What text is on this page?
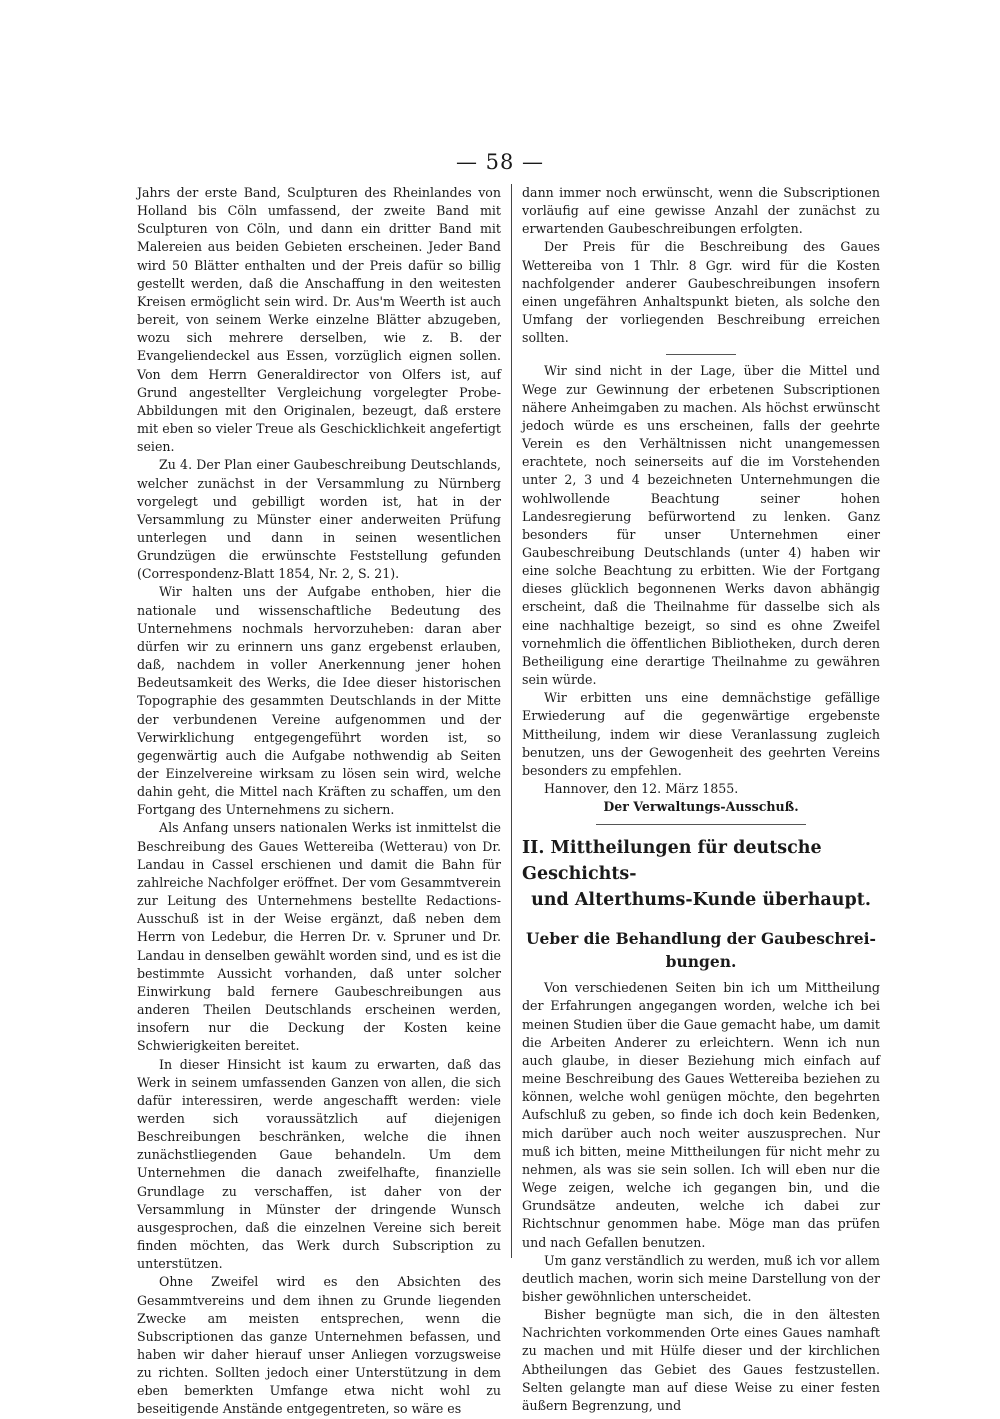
— 58 —

Jahrs der erste Band, Sculpturen des Rheinlandes von Holland bis Cöln umfassend, der zweite Band mit Sculpturen von Cöln, und dann ein dritter Band mit Malereien aus beiden Gebieten erscheinen. Jeder Band wird 50 Blätter enthalten und der Preis dafür so billig gestellt werden, daß die Anschaffung in den weitesten Kreisen ermöglicht sein wird. Dr. Aus'm Weerth ist auch bereit, von seinem Werke einzelne Blätter abzugeben, wozu sich mehrere derselben, wie z. B. der Evangeliendeckel aus Essen, vorzüglich eignen sollen. Von dem Herrn Generaldirector von Olfers ist, auf Grund angestellter Vergleichung vorgelegter Probe-Abbildungen mit den Originalen, bezeugt, daß erstere mit eben so vieler Treue als Geschicklichkeit angefertigt seien.

Zu 4. Der Plan einer Gaubeschreibung Deutschlands, welcher zunächst in der Versammlung zu Nürnberg vorgelegt und gebilligt worden ist, hat in der Versammlung zu Münster einer anderweiten Prüfung unterlegen und dann in seinen wesentlichen Grundzügen die erwünschte Feststellung gefunden (Correspondenz-Blatt 1854, Nr. 2, S. 21).

Wir halten uns der Aufgabe enthoben, hier die nationale und wissenschaftliche Bedeutung des Unternehmens nochmals hervorzuheben: daran aber dürfen wir zu erinnern uns ganz ergebenst erlauben, daß, nachdem in voller Anerkennung jener hohen Bedeutsamkeit des Werks, die Idee dieser historischen Topographie des gesammten Deutschlands in der Mitte der verbundenen Vereine aufgenommen und der Verwirklichung entgegengeführt worden ist, so gegenwärtig auch die Aufgabe nothwendig ab Seiten der Einzelvereine wirksam zu lösen sein wird, welche dahin geht, die Mittel nach Kräften zu schaffen, um den Fortgang des Unternehmens zu sichern.

Als Anfang unsers nationalen Werks ist inmittelst die Beschreibung des Gaues Wettereiba (Wetterau) von Dr. Landau in Cassel erschienen und damit die Bahn für zahlreiche Nachfolger eröffnet. Der vom Gesammtverein zur Leitung des Unternehmens bestellte Redactions-Ausschuß ist in der Weise ergänzt, daß neben dem Herrn von Ledebur, die Herren Dr. v. Spruner und Dr. Landau in denselben gewählt worden sind, und es ist die bestimmte Aussicht vorhanden, daß unter solcher Einwirkung bald fernere Gaubeschreibungen aus anderen Theilen Deutschlands erscheinen werden, insofern nur die Deckung der Kosten keine Schwierigkeiten bereitet.

In dieser Hinsicht ist kaum zu erwarten, daß das Werk in seinem umfassenden Ganzen von allen, die sich dafür interessiren, werde angeschafft werden: viele werden sich voraussätzlich auf diejenigen Beschreibungen beschränken, welche die ihnen zunächstliegenden Gaue behandeln. Um dem Unternehmen die danach zweifelhafte, finanzielle Grundlage zu verschaffen, ist daher von der Versammlung in Münster der dringende Wunsch ausgesprochen, daß die einzelnen Vereine sich bereit finden möchten, das Werk durch Subscription zu unterstützen.

Ohne Zweifel wird es den Absichten des Gesammtvereins und dem ihnen zu Grunde liegenden Zwecke am meisten entsprechen, wenn die Subscriptionen das ganze Unternehmen befassen, und haben wir daher hierauf unser Anliegen vorzugsweise zu richten. Sollten jedoch einer Unterstützung in dem eben bemerkten Umfange etwa nicht wohl zu beseitigende Anstände entgegentreten, so wäre es

dann immer noch erwünscht, wenn die Subscriptionen vorläufig auf eine gewisse Anzahl der zunächst zu erwartenden Gaubeschreibungen erfolgten.

Der Preis für die Beschreibung des Gaues Wettereiba von 1 Thlr. 8 Ggr. wird für die Kosten nachfolgender anderer Gaubeschreibungen insofern einen ungefähren Anhaltspunkt bieten, als solche den Umfang der vorliegenden Beschreibung erreichen sollten.

Wir sind nicht in der Lage, über die Mittel und Wege zur Gewinnung der erbetenen Subscriptionen nähere Anheimgaben zu machen. Als höchst erwünscht jedoch würde es uns erscheinen, falls der geehrte Verein es den Verhältnissen nicht unangemessen erachtete, noch seinerseits auf die im Vorstehenden unter 2, 3 und 4 bezeichneten Unternehmungen die wohlwollende Beachtung seiner hohen Landesregierung befürwortend zu lenken. Ganz besonders für unser Unternehmen einer Gaubeschreibung Deutschlands (unter 4) haben wir eine solche Beachtung zu erbitten. Wie der Fortgang dieses glücklich begonnenen Werks davon abhängig erscheint, daß die Theilnahme für dasselbe sich als eine nachhaltige bezeigt, so sind es ohne Zweifel vornehmlich die öffentlichen Bibliotheken, durch deren Betheiligung eine derartige Theilnahme zu gewähren sein würde.

Wir erbitten uns eine demnächstige gefällige Erwiederung auf die gegenwärtige ergebenste Mittheilung, indem wir diese Veranlassung zugleich benutzen, uns der Gewogenheit des geehrten Vereins besonders zu empfehlen.

Hannover, den 12. März 1855.

Der Verwaltungs-Ausschuß.

II. Mittheilungen für deutsche Geschichts-
und Alterthums-Kunde überhaupt.
Ueber die Behandlung der Gaubeschrei-
bungen.

Von verschiedenen Seiten bin ich um Mittheilung der Erfahrungen angegangen worden, welche ich bei meinen Studien über die Gaue gemacht habe, um damit die Arbeiten Anderer zu erleichtern. Wenn ich nun auch glaube, in dieser Beziehung mich einfach auf meine Beschreibung des Gaues Wettereiba beziehen zu können, welche wohl genügen möchte, den begehrten Aufschluß zu geben, so finde ich doch kein Bedenken, mich darüber auch noch weiter auszusprechen. Nur muß ich bitten, meine Mittheilungen für nicht mehr zu nehmen, als was sie sein sollen. Ich will eben nur die Wege zeigen, welche ich gegangen bin, und die Grundsätze andeuten, welche ich dabei zur Richtschnur genommen habe. Möge man das prüfen und nach Gefallen benutzen.

Um ganz verständlich zu werden, muß ich vor allem deutlich machen, worin sich meine Darstellung von der bisher gewöhnlichen unterscheidet.

Bisher begnügte man sich, die in den ältesten Nachrichten vorkommenden Orte eines Gaues namhaft zu machen und mit Hülfe dieser und der kirchlichen Abtheilungen das Gebiet des Gaues festzustellen. Selten gelangte man auf diese Weise zu einer festen äußern Begrenzung, und
